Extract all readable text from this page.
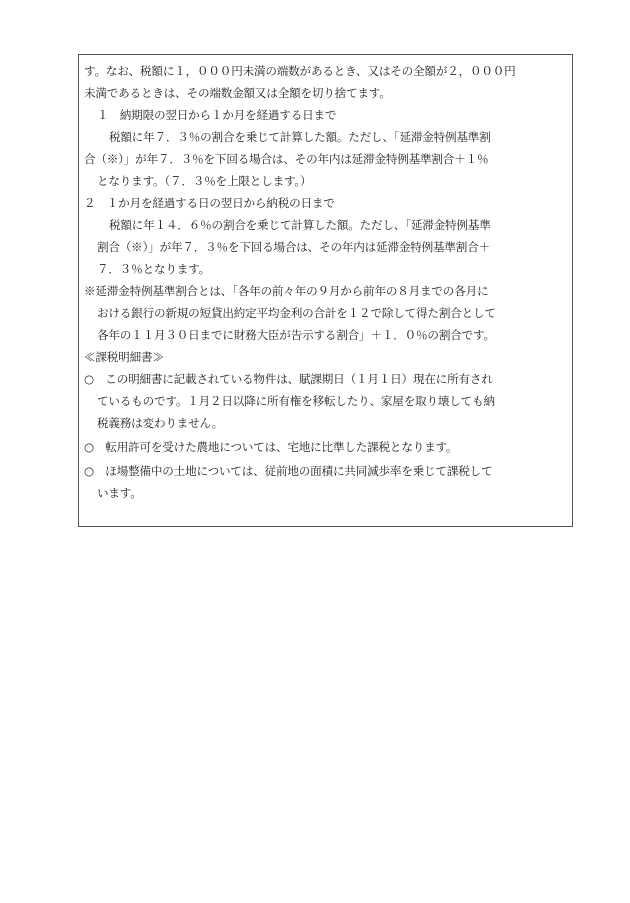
す。なお、税額に１，０００円未満の端数があるとき、又はその全額が２，０００円
未満であるときは、その端数金額又は全額を切り捨てます。
１　納期限の翌日から１か月を経過する日まで
税額に年７．３％の割合を乗じて計算した額。ただし、「延滞金特例基準割
合（※）」が年７．３％を下回る場合は、その年内は延滞金特例基準割合＋１％
となります。（７．３％を上限とします。）
２　１か月を経過する日の翌日から納税の日まで
税額に年１４．６％の割合を乗じて計算した額。ただし、「延滞金特例基準
割合（※）」が年７．３％を下回る場合は、その年内は延滞金特例基準割合＋
７．３％となります。
※延滞金特例基準割合とは、「各年の前々年の９月から前年の８月までの各月に
おける銀行の新規の短貸出約定平均金利の合計を１２で除して得た割合として
各年の１１月３０日までに財務大臣が告示する割合」＋１．０％の割合です。
≪課税明細書≫
○　この明細書に記載されている物件は、賦課期日（１月１日）現在に所有され
ているものです。１月２日以降に所有権を移転したり、家屋を取り壊しても納
税義務は変わりません。
○　転用許可を受けた農地については、宅地に比準した課税となります。
○　ほ場整備中の土地については、従前地の面積に共同減歩率を乗じて課税して
います。
